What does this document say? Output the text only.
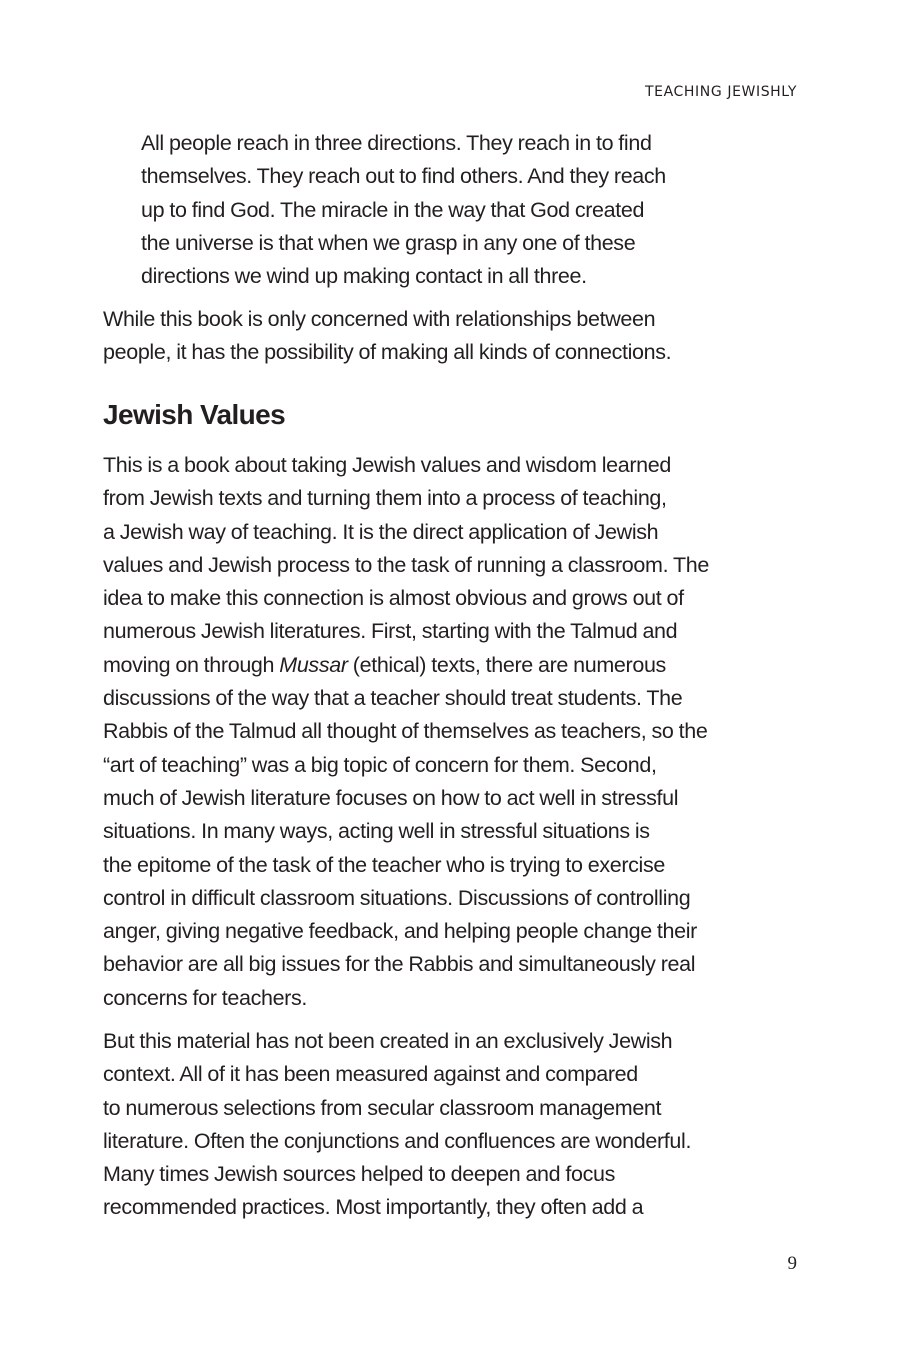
TEACHING JEWISHLY
All people reach in three directions. They reach in to find
themselves. They reach out to find others. And they reach
up to find God. The miracle in the way that God created
the universe is that when we grasp in any one of these
directions we wind up making contact in all three.
While this book is only concerned with relationships between
people, it has the possibility of making all kinds of connections.
Jewish Values
This is a book about taking Jewish values and wisdom learned
from Jewish texts and turning them into a process of teaching,
a Jewish way of teaching. It is the direct application of Jewish
values and Jewish process to the task of running a classroom. The
idea to make this connection is almost obvious and grows out of
numerous Jewish literatures. First, starting with the Talmud and
moving on through Mussar (ethical) texts, there are numerous
discussions of the way that a teacher should treat students. The
Rabbis of the Talmud all thought of themselves as teachers, so the
“art of teaching” was a big topic of concern for them. Second,
much of Jewish literature focuses on how to act well in stressful
situations. In many ways, acting well in stressful situations is
the epitome of the task of the teacher who is trying to exercise
control in difficult classroom situations. Discussions of controlling
anger, giving negative feedback, and helping people change their
behavior are all big issues for the Rabbis and simultaneously real
concerns for teachers.
But this material has not been created in an exclusively Jewish
context. All of it has been measured against and compared
to numerous selections from secular classroom management
literature. Often the conjunctions and confluences are wonderful.
Many times Jewish sources helped to deepen and focus
recommended practices. Most importantly, they often add a
9
